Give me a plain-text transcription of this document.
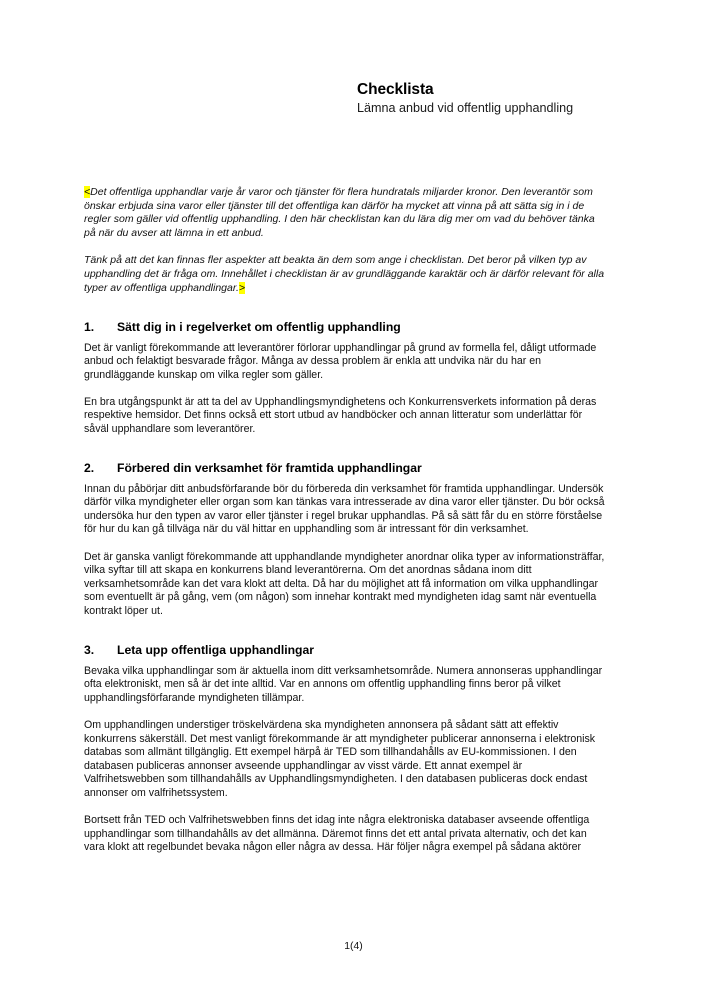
Checklista
Lämna anbud vid offentlig upphandling

<Det offentliga upphandlar varje år varor och tjänster för flera hundratals miljarder kronor. Den leverantör som önskar erbjuda sina varor eller tjänster till det offentliga kan därför ha mycket att vinna på att sätta sig in i de regler som gäller vid offentlig upphandling. I den här checklistan kan du lära dig mer om vad du behöver tänka på när du avser att lämna in ett anbud.

Tänk på att det kan finnas fler aspekter att beakta än dem som ange i checklistan. Det beror på vilken typ av upphandling det är fråga om. Innehållet i checklistan är av grundläggande karaktär och är därför relevant för alla typer av offentliga upphandlingar.>

1. Sätt dig in i regelverket om offentlig upphandling

Det är vanligt förekommande att leverantörer förlorar upphandlingar på grund av formella fel, dåligt utformade anbud och felaktigt besvarade frågor. Många av dessa problem är enkla att undvika när du har en grundläggande kunskap om vilka regler som gäller.

En bra utgångspunkt är att ta del av Upphandlingsmyndighetens och Konkurrensverkets information på deras respektive hemsidor. Det finns också ett stort utbud av handböcker och annan litteratur som underlättar för såväl upphandlare som leverantörer.

2. Förbered din verksamhet för framtida upphandlingar

Innan du påbörjar ditt anbudsförfarande bör du förbereda din verksamhet för framtida upphandlingar. Undersök därför vilka myndigheter eller organ som kan tänkas vara intresserade av dina varor eller tjänster. Du bör också undersöka hur den typen av varor eller tjänster i regel brukar upphandlas. På så sätt får du en större förståelse för hur du kan gå tillväga när du väl hittar en upphandling som är intressant för din verksamhet.

Det är ganska vanligt förekommande att upphandlande myndigheter anordnar olika typer av informationsträffar, vilka syftar till att skapa en konkurrens bland leverantörerna. Om det anordnas sådana inom ditt verksamhetsområde kan det vara klokt att delta. Då har du möjlighet att få information om vilka upphandlingar som eventuellt är på gång, vem (om någon) som innehar kontrakt med myndigheten idag samt när eventuella kontrakt löper ut.

3. Leta upp offentliga upphandlingar

Bevaka vilka upphandlingar som är aktuella inom ditt verksamhetsområde. Numera annonseras upphandlingar ofta elektroniskt, men så är det inte alltid. Var en annons om offentlig upphandling finns beror på vilket upphandlingsförfarande myndigheten tillämpar.

Om upphandlingen understiger tröskelvärdena ska myndigheten annonsera på sådant sätt att effektiv konkurrens säkerställ. Det mest vanligt förekommande är att myndigheter publicerar annonserna i elektronisk databas som allmänt tillgänglig. Ett exempel härpå är TED som tillhandahålls av EU-kommissionen. I den databasen publiceras annonser avseende upphandlingar av visst värde. Ett annat exempel är Valfrihetswebben som tillhandahålls av Upphandlingsmyndigheten. I den databasen publiceras dock endast annonser om valfrihetssystem.

Bortsett från TED och Valfrihetswebben finns det idag inte några elektroniska databaser avseende offentliga upphandlingar som tillhandahålls av det allmänna. Däremot finns det ett antal privata alternativ, och det kan vara klokt att regelbundet bevaka någon eller några av dessa. Här följer några exempel på sådana aktörer

1(4)
